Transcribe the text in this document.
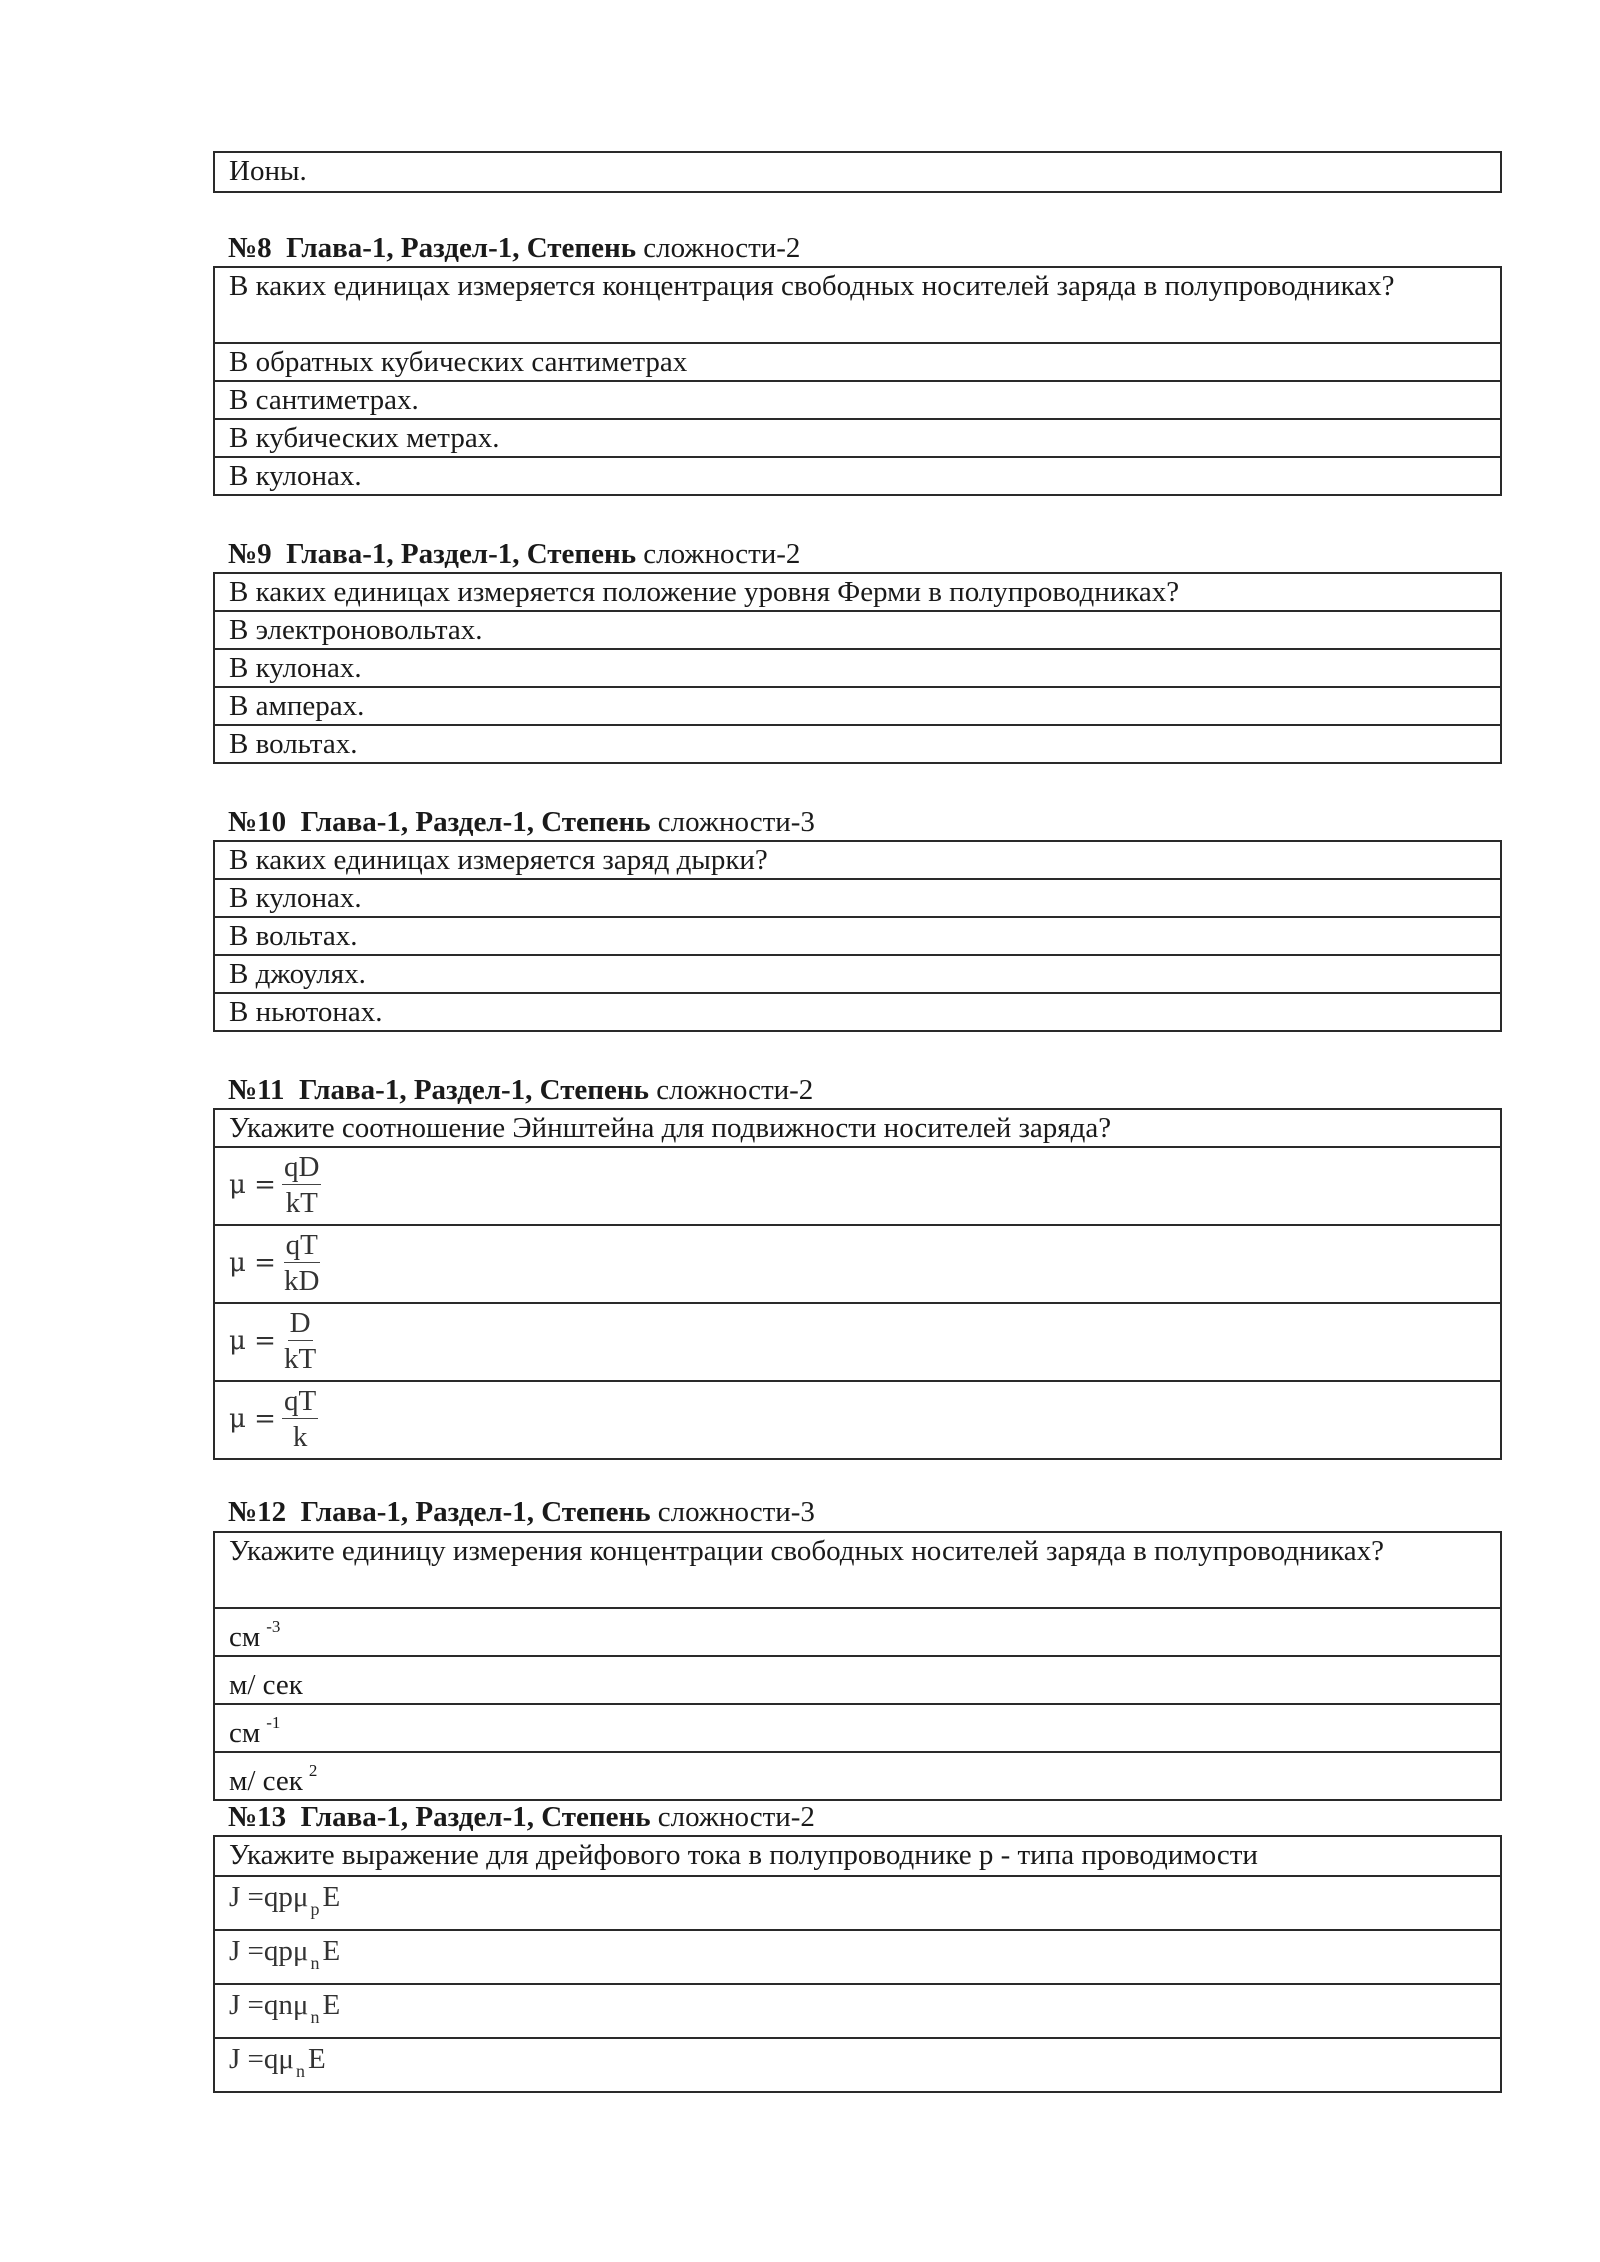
Ионы.
№8 Глава-1, Раздел-1, Степень сложности-2
В каких единицах измеряется концентрация свободных носителей заряда в полупроводниках?
В обратных кубических сантиметрах
В сантиметрах.
В кубических метрах.
В кулонах.
№9 Глава-1, Раздел-1, Степень сложности-2
В каких единицах измеряется положение уровня Ферми в полупроводниках?
В электроновольтах.
В кулонах.
В амперах.
В вольтах.
№10 Глава-1, Раздел-1, Степень сложности-3
В каких единицах измеряется заряд дырки?
В кулонах.
В вольтах.
В джоулях.
В ньютонах.
№11 Глава-1, Раздел-1, Степень сложности-2
Укажите соотношение Эйнштейна для подвижности носителей заряда?

$\mu = \frac{qD}{kT}$

$\mu = \frac{qT}{kD}$

$\mu = \frac{D}{kT}$

$\mu = \frac{qT}{k}$
№12 Глава-1, Раздел-1, Степень сложности-3
Укажите единицу измерения концентрации свободных носителей заряда в полупроводниках?
см $^{-3}$
м/ сек
см $^{-1}$
м/ сек $^2$
№13 Глава-1, Раздел-1, Степень сложности-2
Укажите выражение для дрейфового тока в полупроводнике p - типа проводимости
J =qpμ $_p$ E
J =qpμ $_n$ E
J =qnμ $_n$ E
J =qμ $_n$ E
